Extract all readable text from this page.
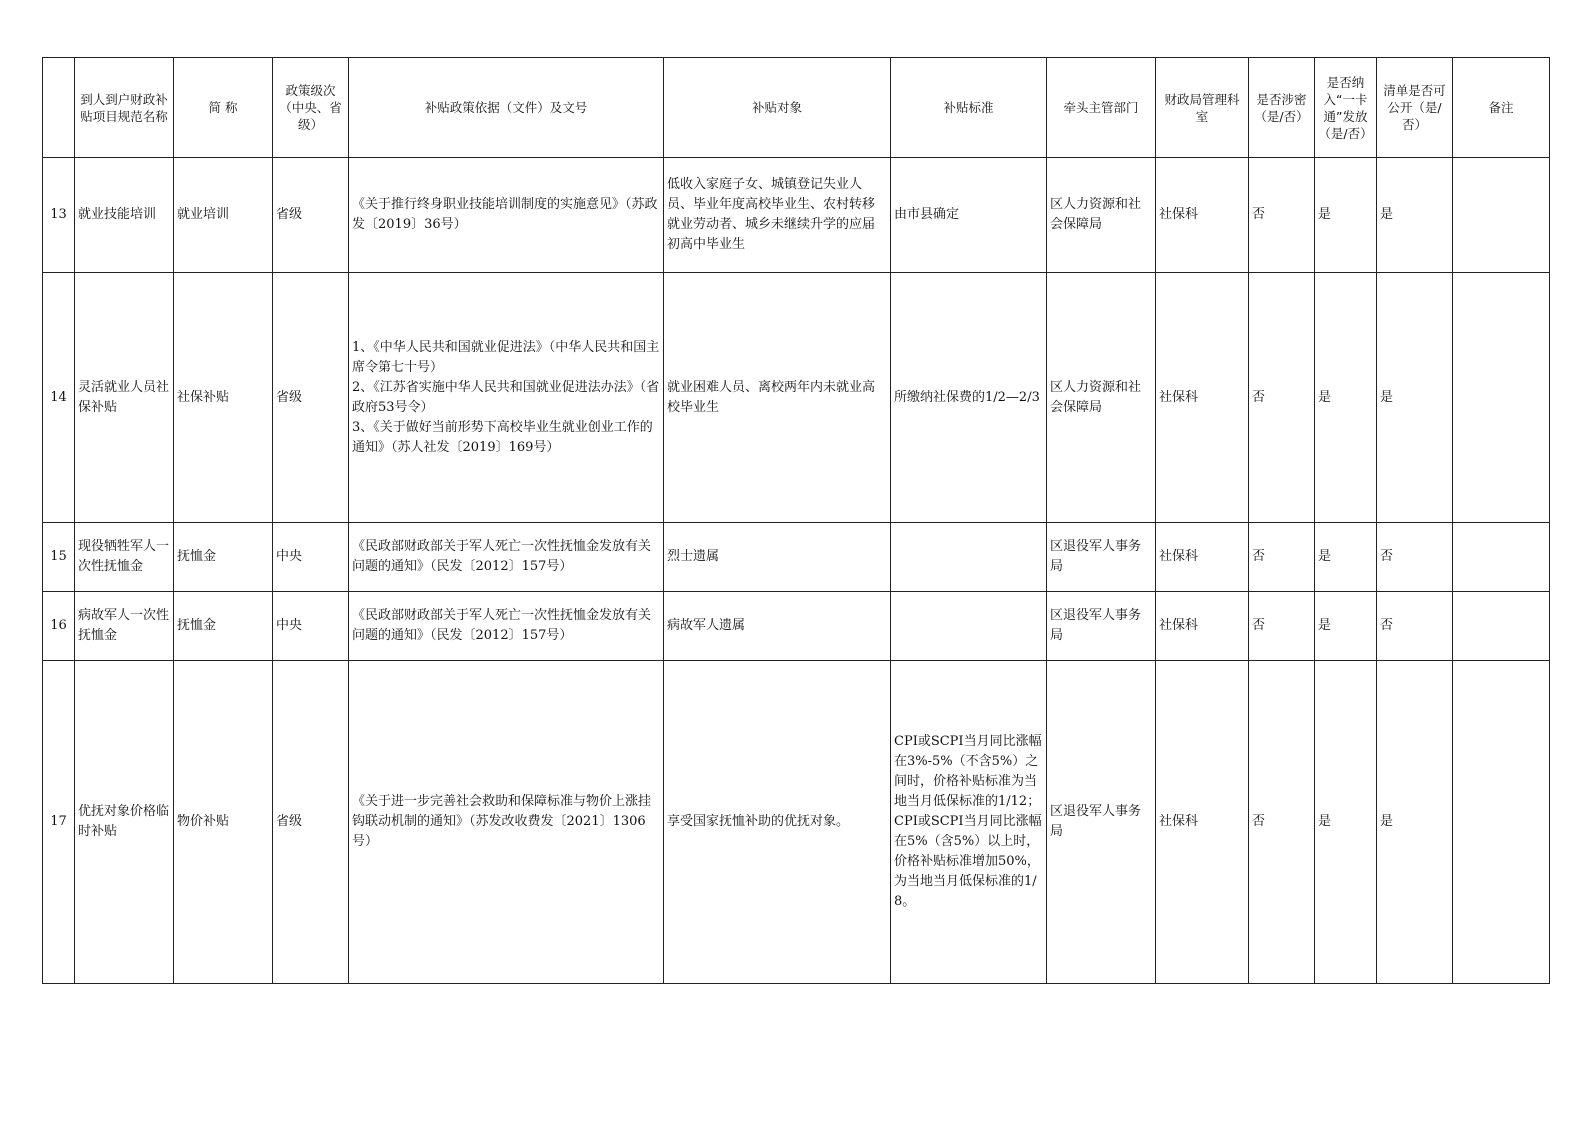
	到人到户财政补贴项目规范名称	简 称	政策级次（中央、省级）	补贴政策依据（文件）及文号	补贴对象	补贴标准	牵头主管部门	财政局管理科室	是否涉密（是/否）	是否纳入“一卡通”发放（是/否）	清单是否可公开（是/否）	备注
13	就业技能培训	就业培训	省级	《关于推行终身职业技能培训制度的实施意见》（苏政发〔2019〕36号）	低收入家庭子女、城镇登记失业人员、毕业年度高校毕业生、农村转移就业劳动者、城乡未继续升学的应届初高中毕业生	由市县确定	区人力资源和社会保障局	社保科	否	是	是	
14	灵活就业人员社保补贴	社保补贴	省级	1、《中华人民共和国就业促进法》（中华人民共和国主席令第七十号）
2、《江苏省实施中华人民共和国就业促进法办法》（省政府53号令）
3、《关于做好当前形势下高校毕业生就业创业工作的通知》（苏人社发〔2019〕169号）	就业困难人员、离校两年内未就业高校毕业生	所缴纳社保费的1/2—2/3	区人力资源和社会保障局	社保科	否	是	是	
15	现役牺牲军人一次性抚恤金	抚恤金	中央	《民政部财政部关于军人死亡一次性抚恤金发放有关问题的通知》（民发〔2012〕157号）	烈士遗属		区退役军人事务局	社保科	否	是	否	
16	病故军人一次性抚恤金	抚恤金	中央	《民政部财政部关于军人死亡一次性抚恤金发放有关问题的通知》（民发〔2012〕157号）	病故军人遗属		区退役军人事务局	社保科	否	是	否	
17	优抚对象价格临时补贴	物价补贴	省级	《关于进一步完善社会救助和保障标准与物价上涨挂钩联动机制的通知》（苏发改收费发〔2021〕1306号）	享受国家抚恤补助的优抚对象。	CPI或SCPI当月同比涨幅在3%-5%（不含5%）之间时，价格补贴标准为当地当月低保标准的1/12；CPI或SCPI当月同比涨幅在5%（含5%）以上时，价格补贴标准增加50%，为当地当月低保标准的1/8。	区退役军人事务局	社保科	否	是	是	
